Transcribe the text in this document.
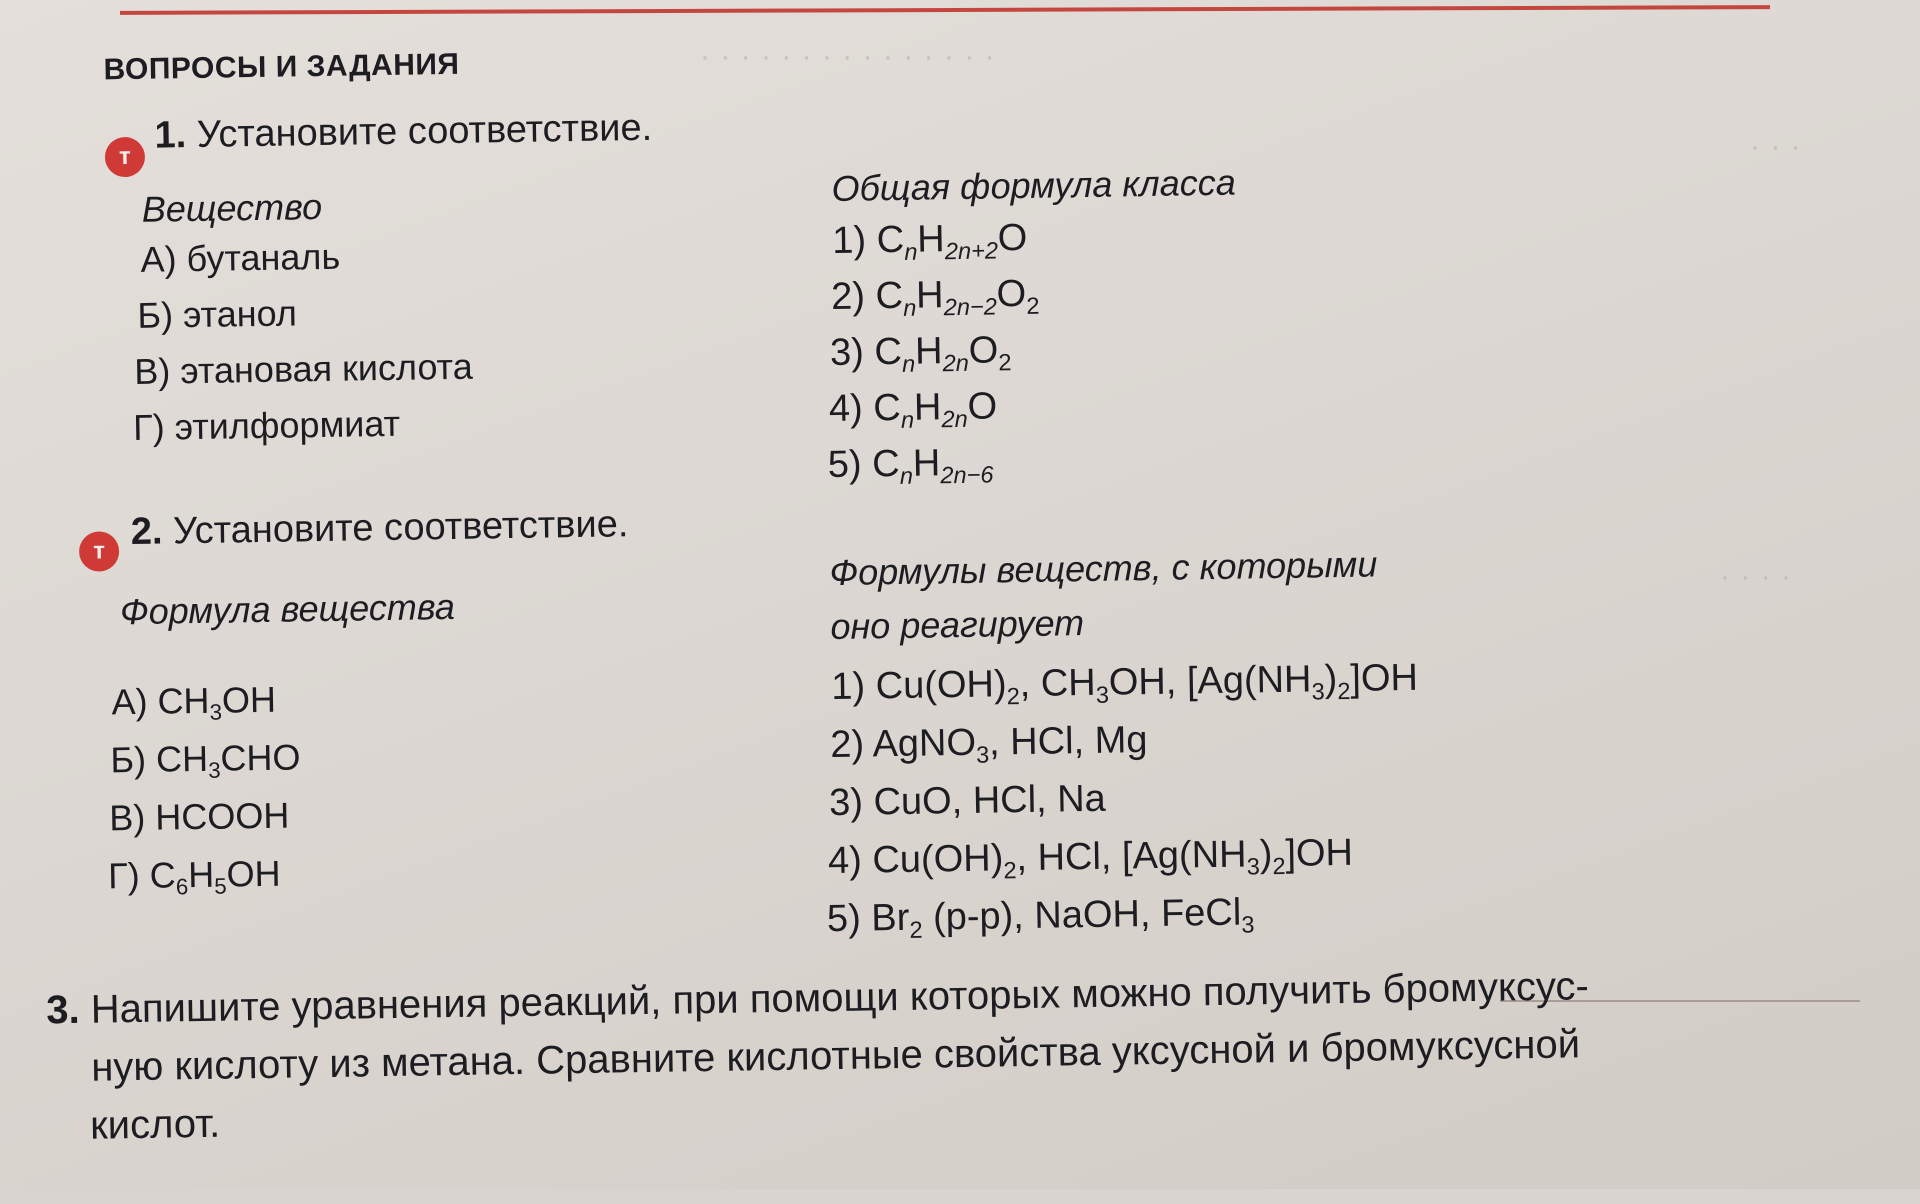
· · · · · · · · · · · · · · ·
· · ·
· · · ·
ВОПРОСЫ И ЗАДАНИЯ
т 1. Установите соответствие.
Вещество	Общая формула класса
А) бутаналь
Б) этанол
В) этановая кислота
Г) этилформиат
1) CnH2n+2O
2) CnH2n−2O2
3) CnH2nO2
4) CnH2nO
5) CnH2n−6
т 2. Установите соответствие.
Формула вещества
Формулы веществ, с которыми
оно реагирует
А) CH3OH
Б) CH3CHO
В) HCOOH
Г) C6H5OH
1) Cu(OH)2, CH3OH, [Ag(NH3)2]OH
2) AgNO3, HCl, Mg
3) CuO, HCl, Na
4) Cu(OH)2, HCl, [Ag(NH3)2]OH
5) Br2 (р-р), NaOH, FeCl3
3. Напишите уравнения реакций, при помощи которых можно получить бромуксус-
ную кислоту из метана. Сравните кислотные свойства уксусной и бромуксусной
кислот.
